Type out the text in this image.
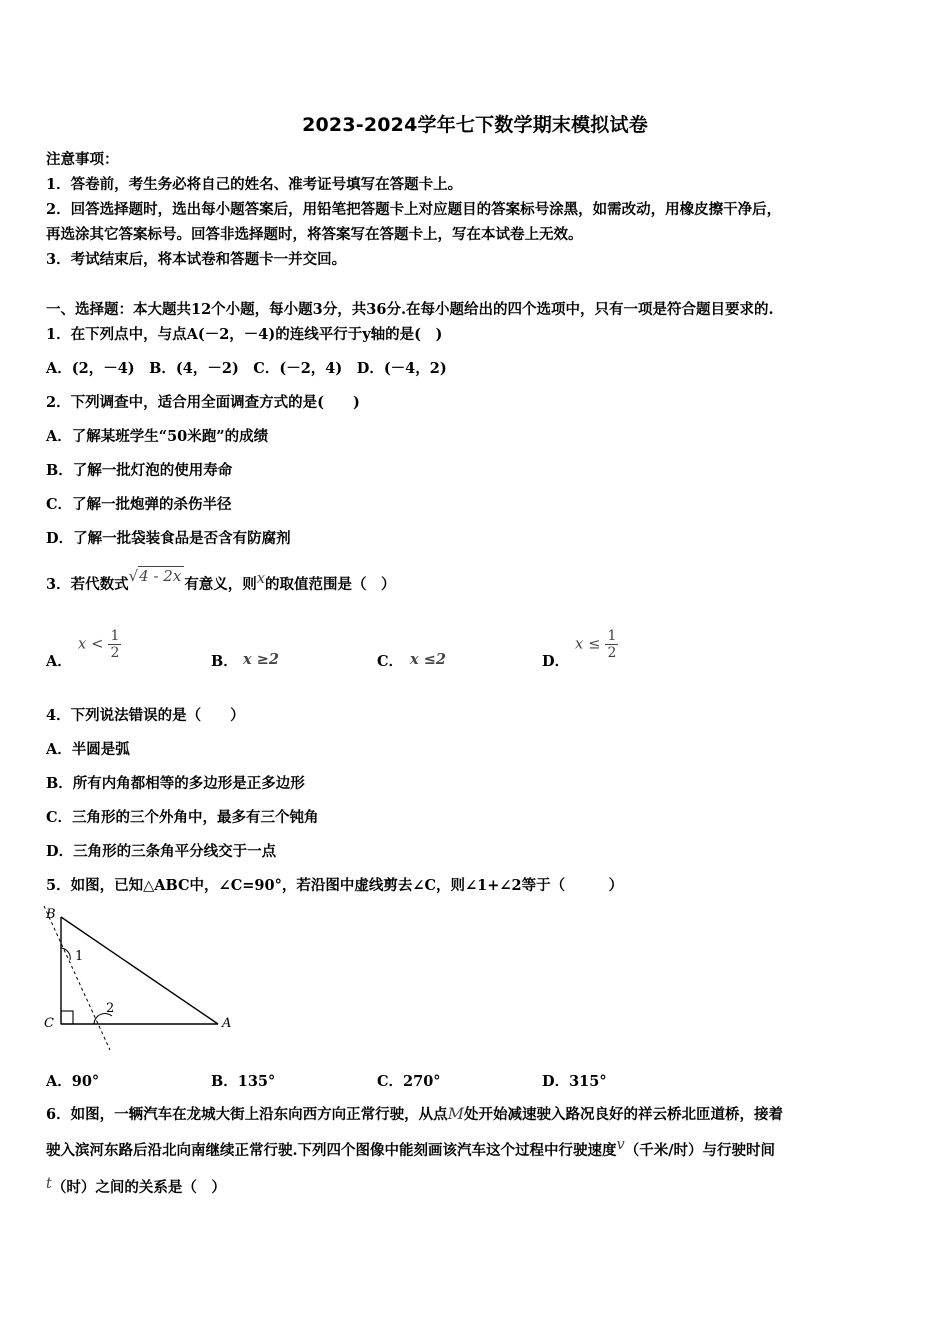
2023-2024学年七下数学期末模拟试卷
注意事项：
1．答卷前，考生务必将自己的姓名、准考证号填写在答题卡上。
2．回答选择题时，选出每小题答案后，用铅笔把答题卡上对应题目的答案标号涂黑，如需改动，用橡皮擦干净后，
再选涂其它答案标号。回答非选择题时，将答案写在答题卡上，写在本试卷上无效。
3．考试结束后，将本试卷和答题卡一并交回。
一、选择题：本大题共12个小题，每小题3分，共36分.在每小题给出的四个选项中，只有一项是符合题目要求的.
1．在下列点中，与点A(－2，－4)的连线平行于y轴的是(　)
A．(2，－4)　B．(4，－2)　C．(－2，4)　D．(－4，2)
2．下列调查中，适合用全面调查方式的是(　　)
A．了解某班学生“50米跑”的成绩
B．了解一批灯泡的使用寿命
C．了解一批炮弹的杀伤半径
D．了解一批袋装食品是否含有防腐剂
3．若代数式√4 - 2x 有意义，则x的取值范围是（　）
A．
$x < \frac{1}{2}$
B． x ≥2	C． x ≤2	D．
$x \le \frac{1}{2}$
4．下列说法错误的是（　　）
A．半圆是弧
B．所有内角都相等的多边形是正多边形
C．三角形的三个外角中，最多有三个钝角
D．三角形的三条角平分线交于一点
5．如图，已知△ABC中，∠C=90°，若沿图中虚线剪去∠C，则∠1+∠2等于（　　　）
B
C	A
1
2
A．90°	B．135°	C．270°	D．315°
6．如图，一辆汽车在龙城大街上沿东向西方向正常行驶，从点M处开始减速驶入路况良好的祥云桥北匝道桥，接着
驶入滨河东路后沿北向南继续正常行驶.下列四个图像中能刻画该汽车这个过程中行驶速度v（千米/时）与行驶时间
t（时）之间的关系是（　）
